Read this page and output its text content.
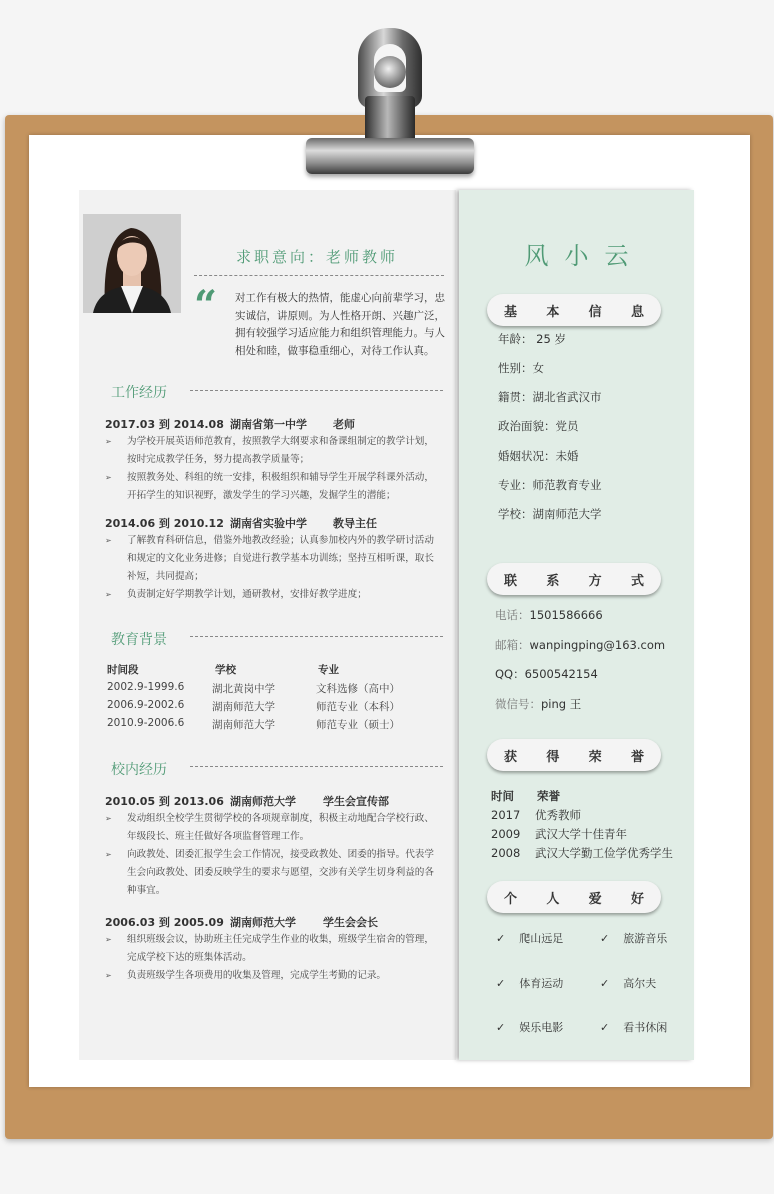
求职意向：老师教师
“ 对工作有极大的热情，能虚心向前辈学习，忠实诚信，讲原则。为人性格开朗、兴趣广泛，拥有较强学习适应能力和组织管理能力。与人相处和睦，做事稳重细心，对待工作认真。
工作经历
2017.03 到 2014.08 湖南省第一中学 老师
➢ 为学校开展英语师范教育，按照教学大纲要求和备课组制定的教学计划，按时完成教学任务，努力提高教学质量等；
➢ 按照教务处、科组的统一安排，积极组织和辅导学生开展学科课外活动，开拓学生的知识视野，激发学生的学习兴趣，发掘学生的潜能；
2014.06 到 2010.12 湖南省实验中学 教导主任
➢ 了解教育科研信息，借鉴外地教改经验；认真参加校内外的教学研讨活动和规定的文化业务进修；自觉进行教学基本功训练；坚持互相听课，取长补短，共同提高；
➢ 负责制定好学期教学计划，通研教材，安排好教学进度；
教育背景
时间段	学校	专业
2002.9-1999.6	湖北黄岗中学	文科选修（高中）
2006.9-2002.6	湖南师范大学	师范专业（本科）
2010.9-2006.6	湖南师范大学	师范专业（硕士）
校内经历
2010.05 到 2013.06 湖南师范大学 学生会宣传部
➢ 发动组织全校学生贯彻学校的各项规章制度，积极主动地配合学校行政、年级段长、班主任做好各项监督管理工作。
➢ 向政教处、团委汇报学生会工作情况，接受政教处、团委的指导。代表学生会向政教处、团委反映学生的要求与愿望，交涉有关学生切身利益的各种事宜。
2006.03 到 2005.09 湖南师范大学 学生会会长
➢ 组织班级会议，协助班主任完成学生作业的收集，班级学生宿舍的管理，完成学校下达的班集体活动。
➢ 负责班级学生各项费用的收集及管理，完成学生考勤的记录。
风小云
基 本 信 息
年龄： 25 岁
性别：女
籍贯：湖北省武汉市
政治面貌：党员
婚姻状况：未婚
专业：师范教育专业
学校：湖南师范大学
联 系 方 式
电话：1501586666
邮箱：wanpingping@163.com
QQ：6500542154
微信号：ping 王
获 得 荣 誉
时间 荣誉
2017 优秀教师
2009 武汉大学十佳青年
2008 武汉大学勤工俭学优秀学生
个 人 爱 好
✓ 爬山远足	✓ 旅游音乐
✓ 体育运动	✓ 高尔夫
✓ 娱乐电影	✓ 看书休闲
